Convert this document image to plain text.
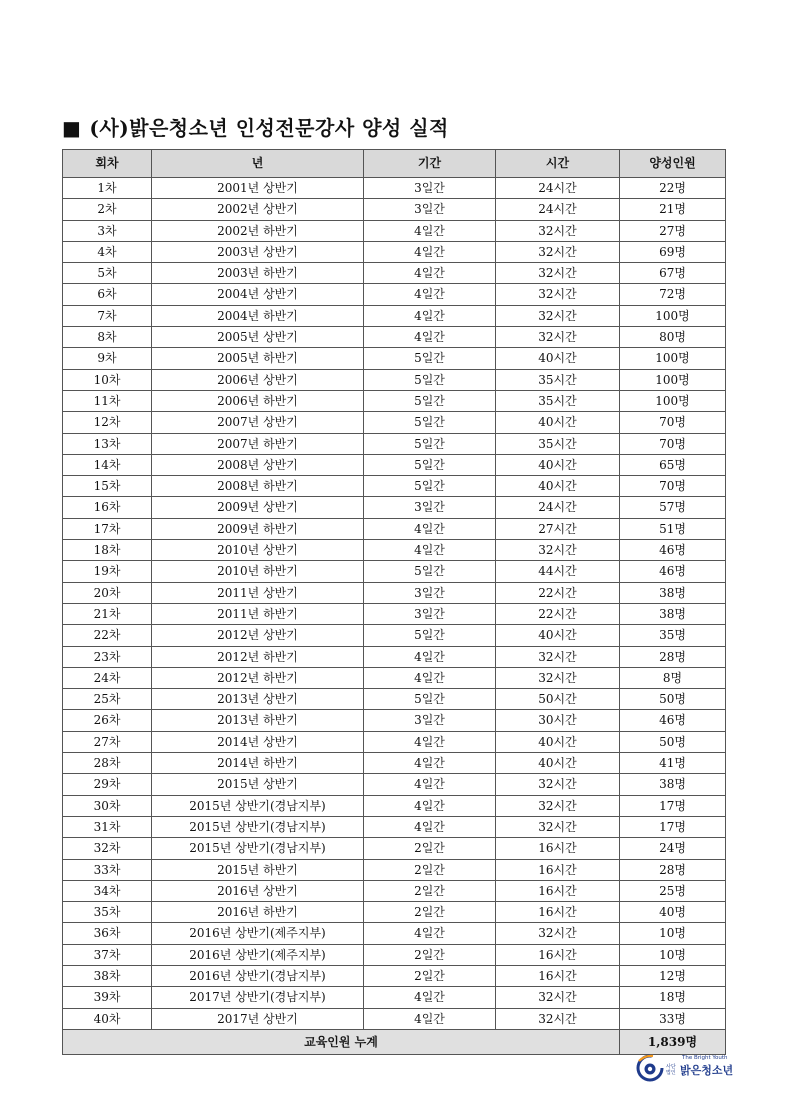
■ (사)밝은청소년 인성전문강사 양성 실적
회차	년	기간	시간	양성인원
1차	2001년 상반기	3일간	24시간	22명
2차	2002년 상반기	3일간	24시간	21명
3차	2002년 하반기	4일간	32시간	27명
4차	2003년 상반기	4일간	32시간	69명
5차	2003년 하반기	4일간	32시간	67명
6차	2004년 상반기	4일간	32시간	72명
7차	2004년 하반기	4일간	32시간	100명
8차	2005년 상반기	4일간	32시간	80명
9차	2005년 하반기	5일간	40시간	100명
10차	2006년 상반기	5일간	35시간	100명
11차	2006년 하반기	5일간	35시간	100명
12차	2007년 상반기	5일간	40시간	70명
13차	2007년 하반기	5일간	35시간	70명
14차	2008년 상반기	5일간	40시간	65명
15차	2008년 하반기	5일간	40시간	70명
16차	2009년 상반기	3일간	24시간	57명
17차	2009년 하반기	4일간	27시간	51명
18차	2010년 상반기	4일간	32시간	46명
19차	2010년 하반기	5일간	44시간	46명
20차	2011년 상반기	3일간	22시간	38명
21차	2011년 하반기	3일간	22시간	38명
22차	2012년 상반기	5일간	40시간	35명
23차	2012년 하반기	4일간	32시간	28명
24차	2012년 하반기	4일간	32시간	8명
25차	2013년 상반기	5일간	50시간	50명
26차	2013년 하반기	3일간	30시간	46명
27차	2014년 상반기	4일간	40시간	50명
28차	2014년 하반기	4일간	40시간	41명
29차	2015년 상반기	4일간	32시간	38명
30차	2015년 상반기(경남지부)	4일간	32시간	17명
31차	2015년 상반기(경남지부)	4일간	32시간	17명
32차	2015년 상반기(경남지부)	2일간	16시간	24명
33차	2015년 하반기	2일간	16시간	28명
34차	2016년 상반기	2일간	16시간	25명
35차	2016년 하반기	2일간	16시간	40명
36차	2016년 상반기(제주지부)	4일간	32시간	10명
37차	2016년 상반기(제주지부)	2일간	16시간	10명
38차	2016년 상반기(경남지부)	2일간	16시간	12명
39차	2017년 상반기(경남지부)	4일간	32시간	18명
40차	2017년 상반기	4일간	32시간	33명
교육인원 누계				1,839명
The Bright Youth
사단 법인 밝은청소년
